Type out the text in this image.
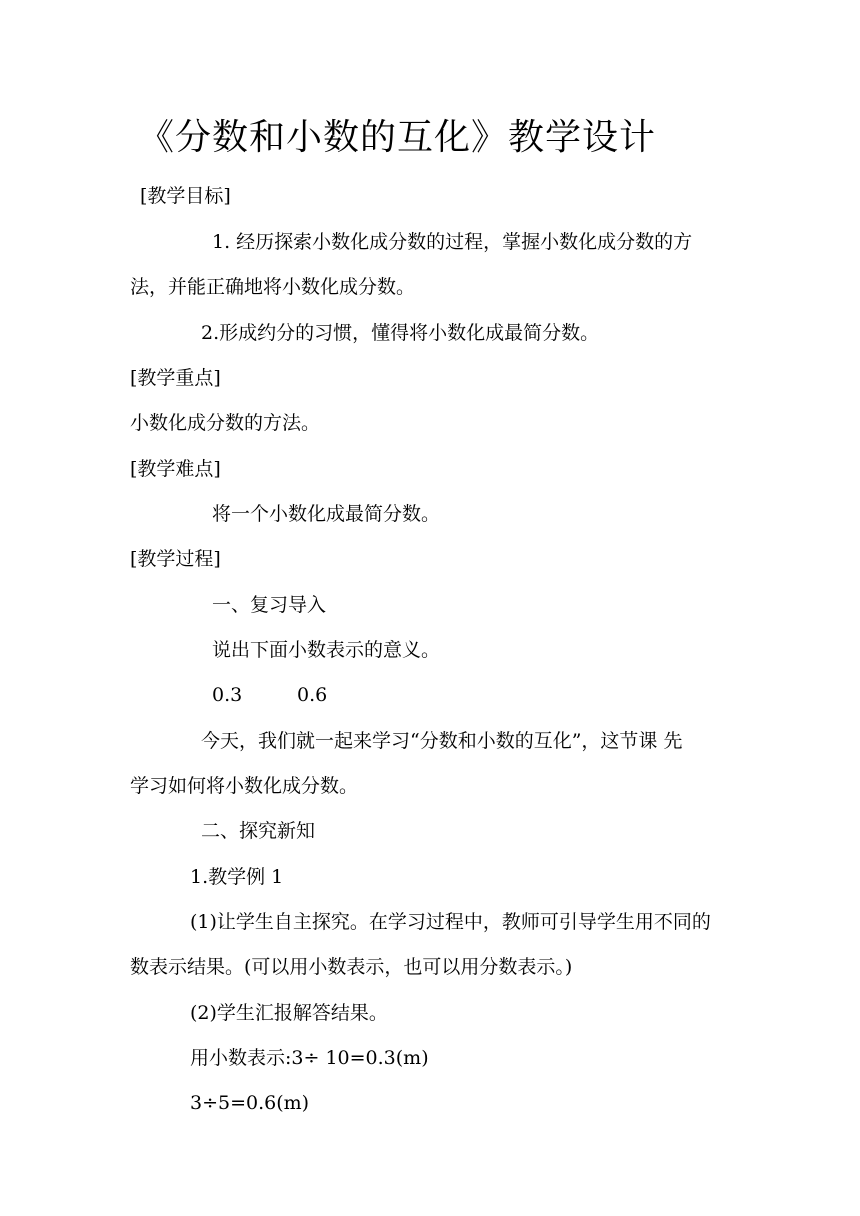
《分数和小数的互化》教学设计
[教学目标]
1. 经历探索小数化成分数的过程，掌握小数化成分数的方
法，并能正确地将小数化成分数。
2.形成约分的习惯，懂得将小数化成最简分数。
[教学重点]
小数化成分数的方法。
[教学难点]
将一个小数化成最简分数。
[教学过程]
一、复习导入
说出下面小数表示的意义。
0.3	0.6
今天，我们就一起来学习“分数和小数的互化”，这节课 先
学习如何将小数化成分数。
二、探究新知
1.教学例 1
(1)让学生自主探究。在学习过程中，教师可引导学生用不同的
数表示结果。(可以用小数表示，也可以用分数表示。)
(2)学生汇报解答结果。
用小数表示:3÷ 10=0.3(m)
3÷5=0.6(m)
